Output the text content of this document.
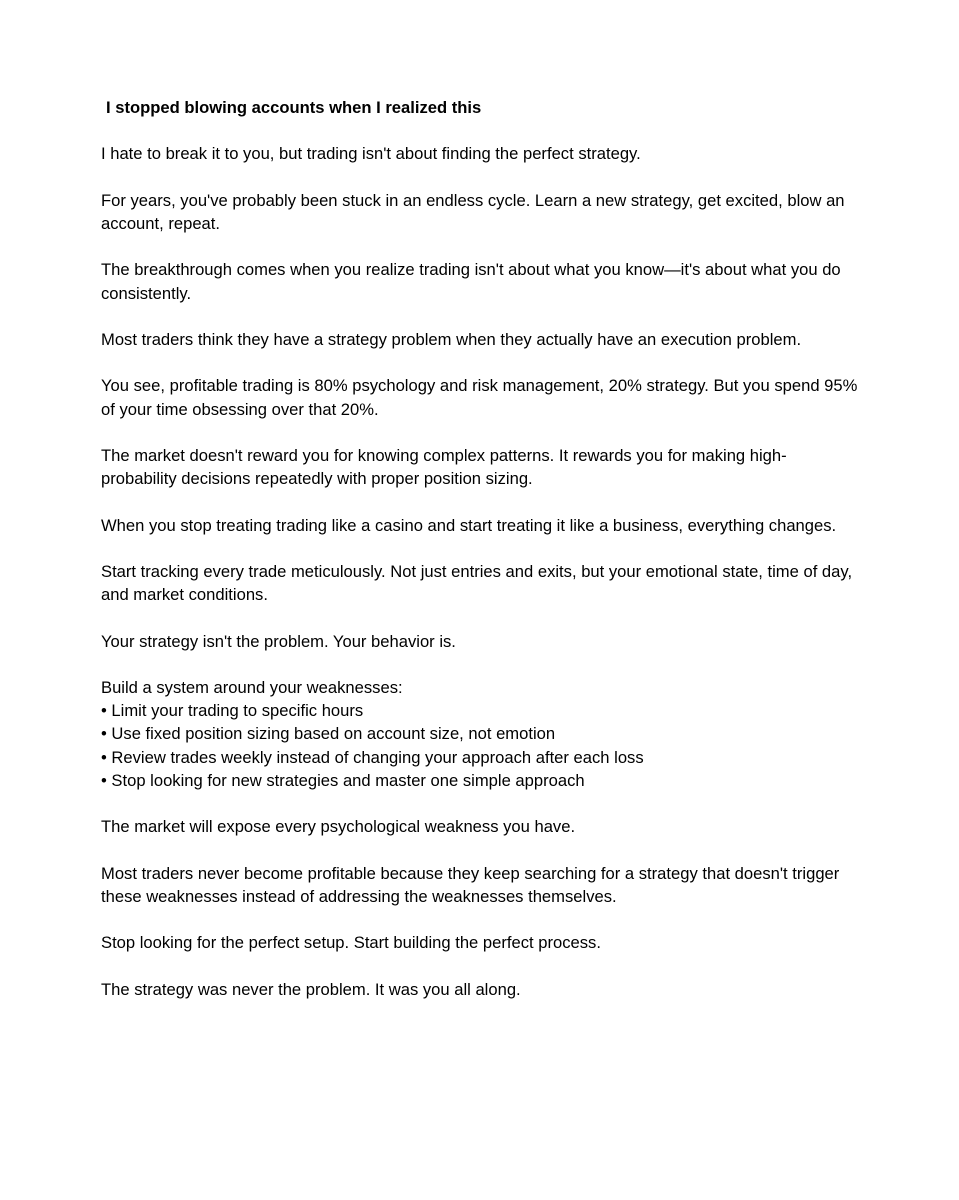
I stopped blowing accounts when I realized this

I hate to break it to you, but trading isn't about finding the perfect strategy.

For years, you've probably been stuck in an endless cycle. Learn a new strategy, get excited, blow an account, repeat.

The breakthrough comes when you realize trading isn't about what you know—it's about what you do consistently.

Most traders think they have a strategy problem when they actually have an execution problem.

You see, profitable trading is 80% psychology and risk management, 20% strategy. But you spend 95% of your time obsessing over that 20%.

The market doesn't reward you for knowing complex patterns. It rewards you for making high-probability decisions repeatedly with proper position sizing.

When you stop treating trading like a casino and start treating it like a business, everything changes.

Start tracking every trade meticulously. Not just entries and exits, but your emotional state, time of day, and market conditions.

Your strategy isn't the problem. Your behavior is.

Build a system around your weaknesses:
• Limit your trading to specific hours
• Use fixed position sizing based on account size, not emotion
• Review trades weekly instead of changing your approach after each loss
• Stop looking for new strategies and master one simple approach

The market will expose every psychological weakness you have.

Most traders never become profitable because they keep searching for a strategy that doesn't trigger these weaknesses instead of addressing the weaknesses themselves.

Stop looking for the perfect setup. Start building the perfect process.

The strategy was never the problem. It was you all along.
